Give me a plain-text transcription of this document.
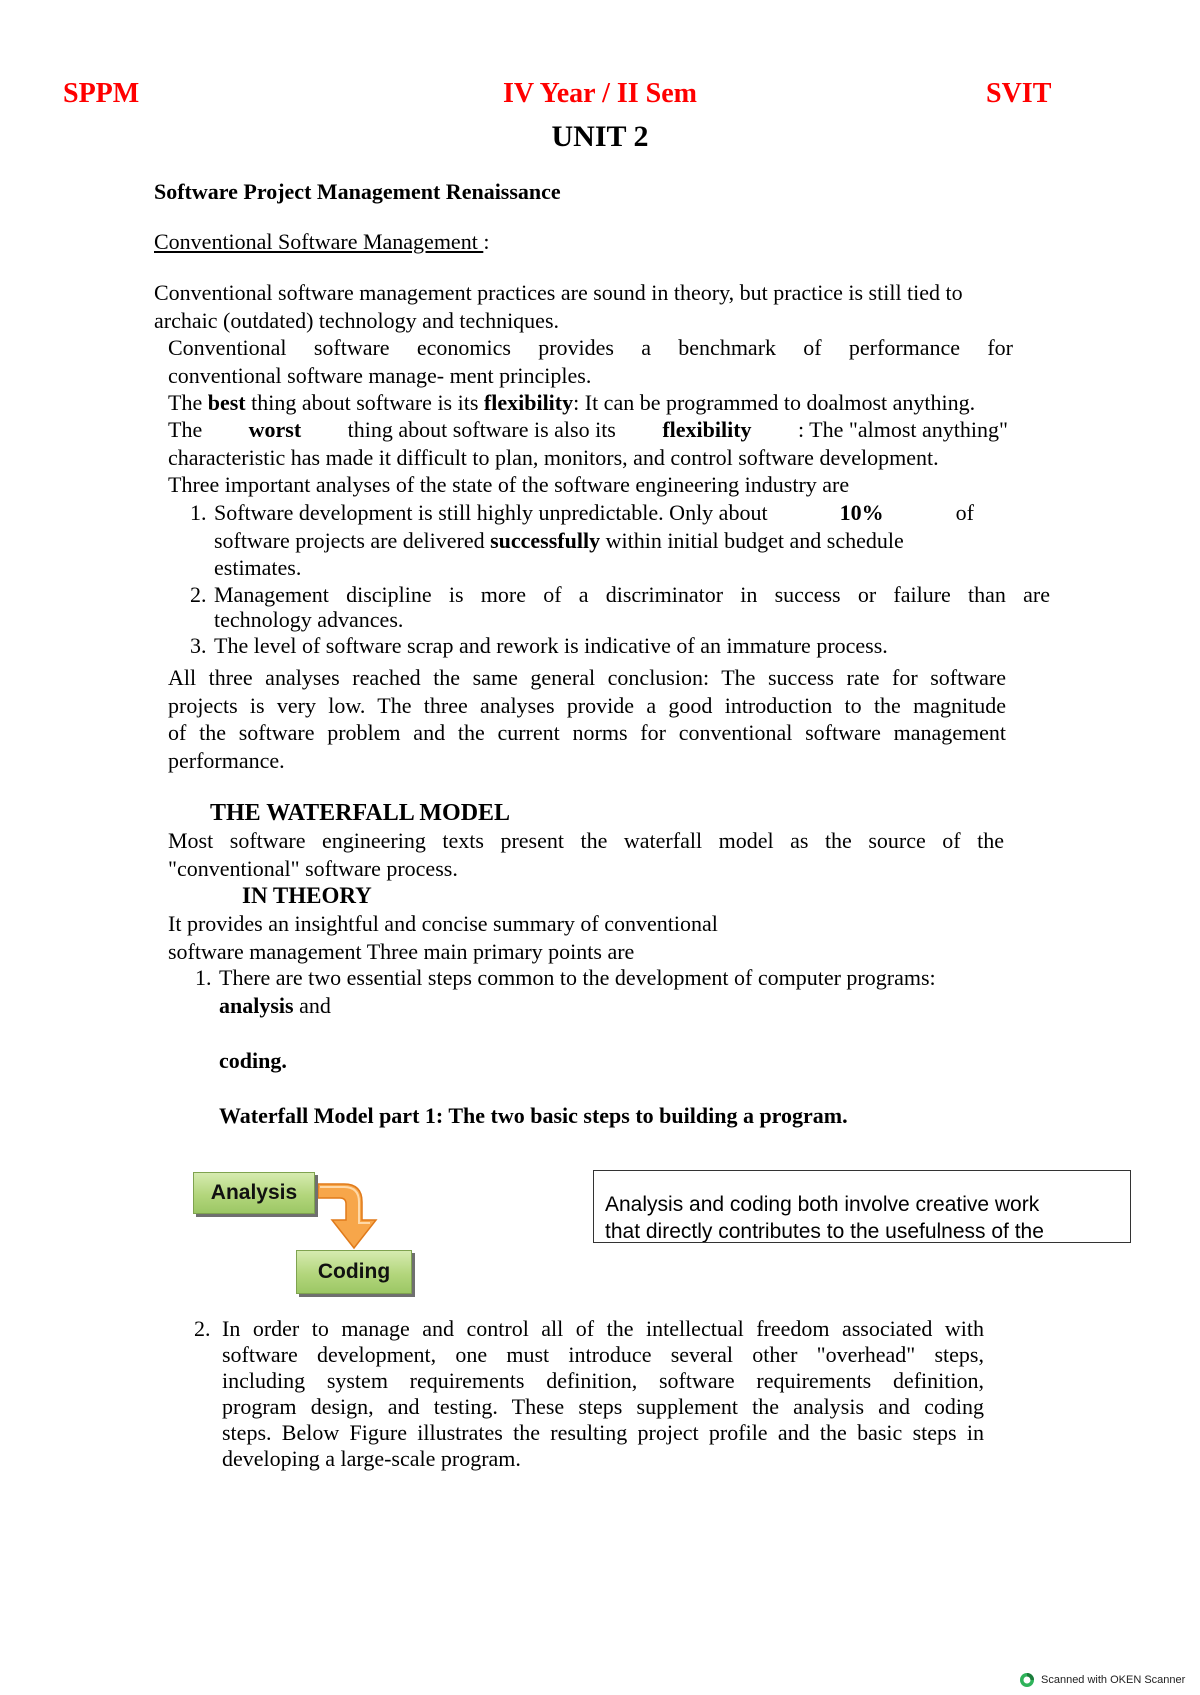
SPPM	IV Year / II Sem	SVIT
UNIT 2
Software Project Management Renaissance
Conventional Software Management :
Conventional software management practices are sound in theory, but practice is still tied to
archaic (outdated) technology and techniques.
Conventional software economics provides a benchmark of performance for
conventional software manage- ment principles.
The best thing about software is its flexibility: It can be programmed to doalmost anything.
The worst thing about software is also its flexibility : The "almost anything"
characteristic has made it difficult to plan, monitors, and control software development.
Three important analyses of the state of the software engineering industry are
1. Software development is still highly unpredictable. Only about	10%	of
software projects are delivered successfully within initial budget and schedule
estimates.
2. Management discipline is more of a discriminator in success or failure than are
technology advances.
3. The level of software scrap and rework is indicative of an immature process.
All three analyses reached the same general conclusion: The success rate for software
projects is very low. The three analyses provide a good introduction to the magnitude
of the software problem and the current norms for conventional software management
performance.
THE WATERFALL MODEL
Most software engineering texts present the waterfall model as the source of the
"conventional" software process.
IN THEORY
It provides an insightful and concise summary of conventional
software management Three main primary points are
1. There are two essential steps common to the development of computer programs:
analysis and
coding.
Waterfall Model part 1: The two basic steps to building a program.
Analysis
Coding
Analysis and coding both involve creative work
that directly contributes to the usefulness of the
2. In order to manage and control all of the intellectual freedom associated with
software development, one must introduce several other "overhead" steps,
including system requirements definition, software requirements definition,
program design, and testing. These steps supplement the analysis and coding
steps. Below Figure illustrates the resulting project profile and the basic steps in
developing a large-scale program.
Scanned with OKEN Scanner
